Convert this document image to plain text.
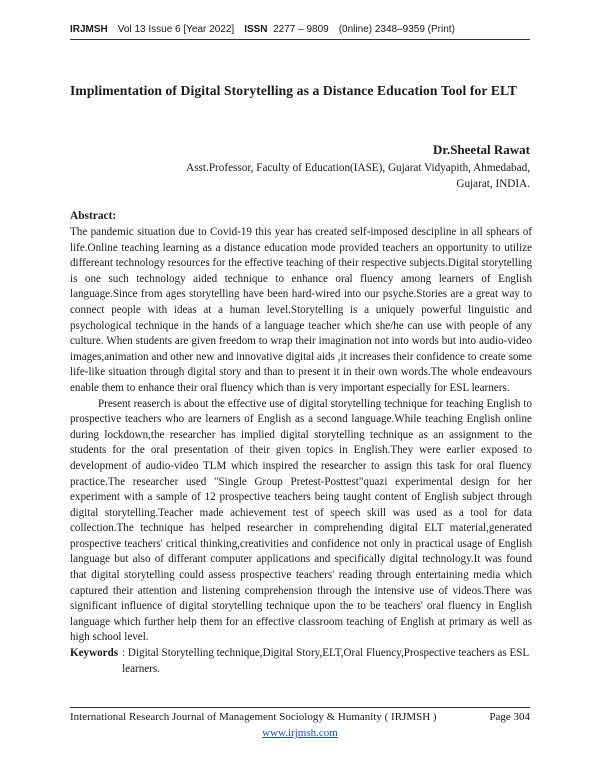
IRJMSH Vol 13 Issue 6 [Year 2022] ISSN 2277 – 9809 (0nline) 2348–9359 (Print)
Implimentation of Digital Storytelling as a Distance Education Tool for ELT
Dr.Sheetal Rawat
Asst.Professor, Faculty of Education(IASE), Gujarat Vidyapith, Ahmedabad, Gujarat, INDIA.
Abstract:

The pandemic situation due to Covid-19 this year has created self-imposed descipline in all sphears of life.Online teaching learning as a distance education mode provided teachers an opportunity to utilize differeant technology resources for the effective teaching of their respective subjects.Digital storytelling is one such technology aided technique to enhance oral fluency among learners of English language.Since from ages storytelling have been hard-wired into our psyche.Stories are a great way to connect people with ideas at a human level.Storytelling is a uniquely powerful linguistic and psychological technique in the hands of a language teacher which she/he can use with people of any culture. When students are given freedom to wrap their imagination not into words but into audio-video images,animation and other new and innovative digital aids ,it increases their confidence to create some life-like situation through digital story and than to present it in their own words.The whole endeavours enable them to enhance their oral fluency which than is very important especially for ESL learners.

Present reaserch is about the effective use of digital storytelling technique for teaching English to prospective teachers who are learners of English as a second language.While teaching English online during lockdown,the researcher has implied digital storytelling technique as an assignment to the students for the oral presentation of their given topics in English.They were earlier exposed to development of audio-video TLM which inspired the researcher to assign this task for oral fluency practice.The researcher used "Single Group Pretest-Posttest"quazi experimental design for her experiment with a sample of 12 prospective teachers being taught content of English subject through digital storytelling.Teacher made achievement test of speech skill was used as a tool for data collection.The technique has helped researcher in comprehending digital ELT material,generated prospective teachers' critical thinking,creativities and confidence not only in practical usage of English language but also of differant computer applications and specifically digital technology.It was found that digital storytelling could assess prospective teachers' reading through entertaining media which captured their attention and listening comprehension through the intensive use of videos.There was significant influence of digital storytelling technique upon the to be teachers' oral fluency in English language which further help them for an effective classroom teaching of English at primary as well as high school level.

Keywords : Digital Storytelling technique,Digital Story,ELT,Oral Fluency,Prospective teachers as ESL learners.
International Research Journal of Management Sociology & Humanity ( IRJMSH )	Page 304
www.irjmsh.com
